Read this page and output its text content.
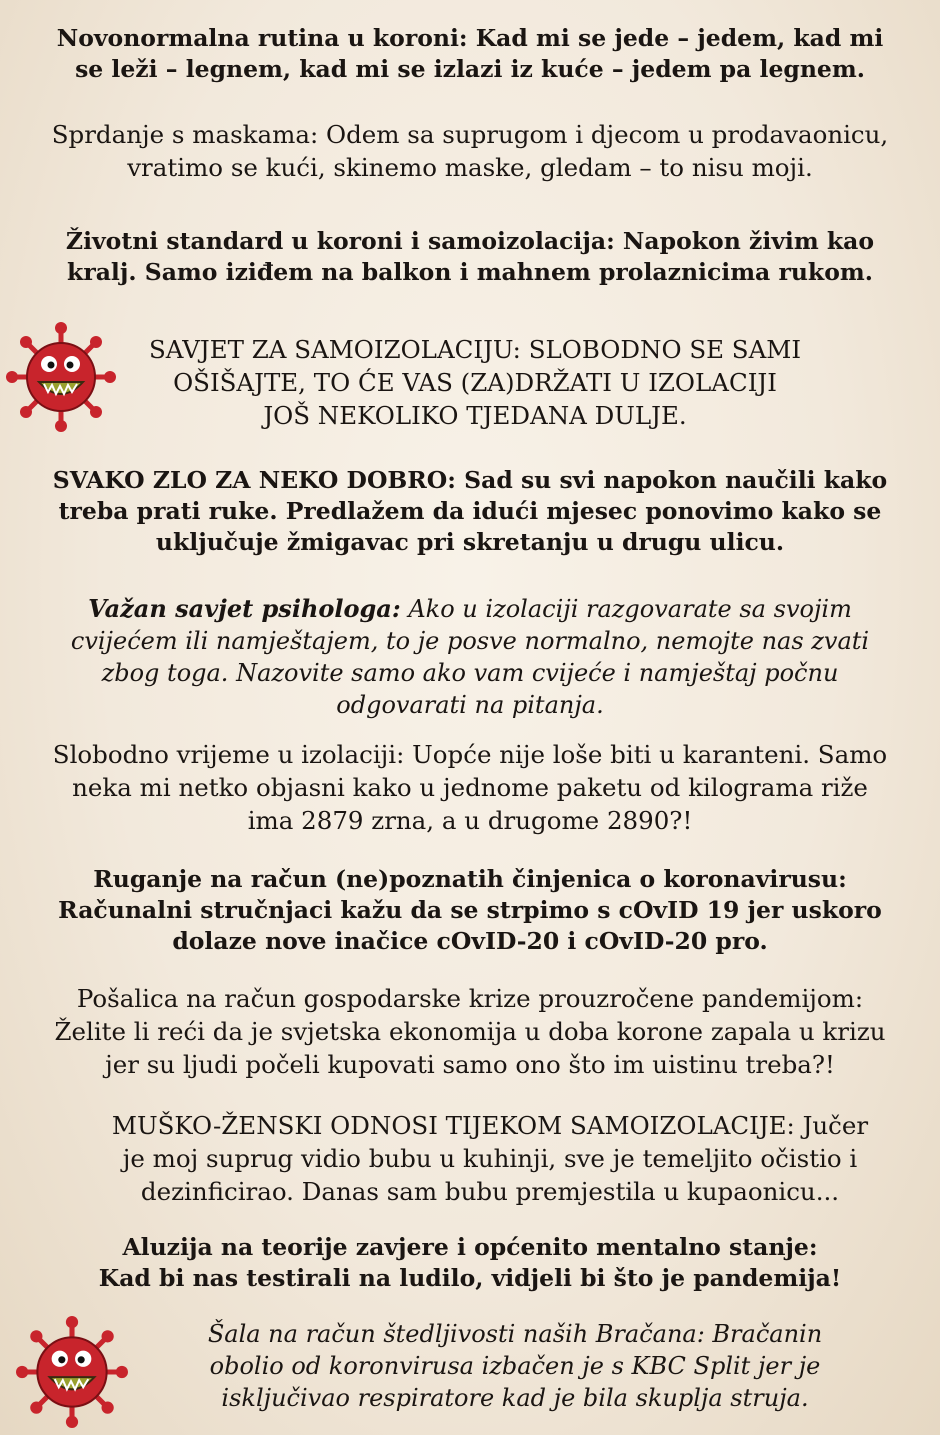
Novonormalna rutina u koroni: Kad mi se jede – jedem, kad mi
se leži – legnem, kad mi se izlazi iz kuće – jedem pa legnem.

Sprdanje s maskama: Odem sa suprugom i djecom u prodavaonicu,
vratimo se kući, skinemo maske, gledam – to nisu moji.

Životni standard u koroni i samoizolacija: Napokon živim kao
kralj. Samo iziđem na balkon i mahnem prolaznicima rukom.

SAVJET ZA SAMOIZOLACIJU: SLOBODNO SE SAMI
OŠIŠAJTE, TO ĆE VAS (ZA)DRŽATI U IZOLACIJI
JOŠ NEKOLIKO TJEDANA DULJE.

SVAKO ZLO ZA NEKO DOBRO: Sad su svi napokon naučili kako
treba prati ruke. Predlažem da idući mjesec ponovimo kako se
uključuje žmigavac pri skretanju u drugu ulicu.

Važan savjet psihologa: Ako u izolaciji razgovarate sa svojim
cvijećem ili namještajem, to je posve normalno, nemojte nas zvati
zbog toga. Nazovite samo ako vam cvijeće i namještaj počnu
odgovarati na pitanja.

Slobodno vrijeme u izolaciji: Uopće nije loše biti u karanteni. Samo
neka mi netko objasni kako u jednome paketu od kilograma riže
ima 2879 zrna, a u drugome 2890?!

Ruganje na račun (ne)poznatih činjenica o koronavirusu:
Računalni stručnjaci kažu da se strpimo s cOvID 19 jer uskoro
dolaze nove inačice cOvID-20 i cOvID-20 pro.

Pošalica na račun gospodarske krize prouzročene pandemijom:
Želite li reći da je svjetska ekonomija u doba korone zapala u krizu
jer su ljudi počeli kupovati samo ono što im uistinu treba?!

MUŠKO-ŽENSKI ODNOSI TIJEKOM SAMOIZOLACIJE: Jučer
je moj suprug vidio bubu u kuhinji, sve je temeljito očistio i
dezinficirao. Danas sam bubu premjestila u kupaonicu...

Aluzija na teorije zavjere i općenito mentalno stanje:
Kad bi nas testirali na ludilo, vidjeli bi što je pandemija!

Šala na račun štedljivosti naših Bračana: Bračanin
obolio od koronvirusa izbačen je s KBC Split jer je
isključivao respiratore kad je bila skuplja struja.
